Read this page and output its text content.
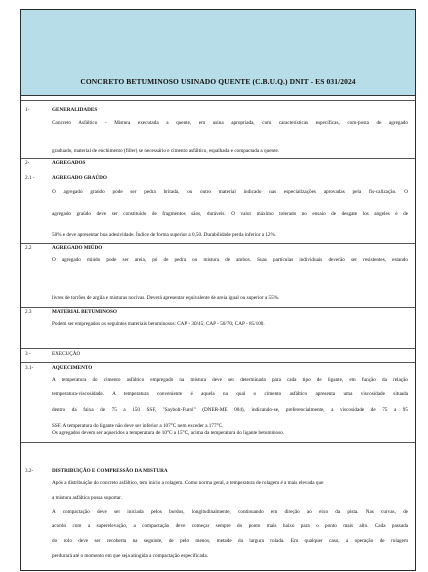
CONCRETO BETUMINOSO USINADO QUENTE (C.B.U.Q.) DNIT - ES 031/2024
1-	GENERALIDADES
Concreto Asfáltico - Mistura executada a quente, em usina apropriada, com características específicas, com-posta de agregado
graduado, material de enchimento (filler) se necessário e cimento asfáltico, espalhada e compactada a quente.
2-	AGREGADOS
2.1 -	AGREGADO GRAÚDO
O agregado graúdo pode ser pedra britada, ou outro material indicado nas especializações aprovadas pela fis-calização. O
agregado graúdo deve ser constituído de fragmentos sãos, duráveis. O valor máximo tolerado no ensaio de desgate los angeles é de
50% e deve apresentar boa adesividade. Índice de forma superior a 0,50. Durabilidade perda inferior a 12%.
2.2	AGREGADO MIÚDO
O agregado miúdo pode ser areia, pó de pedra ou mistura de ambos. Suas partículas individuais deverão ser resistentes, estando
livres de torrões de argila e misturas nocivas. Deverá apresentar equivalente de areia igual ou superior a 55%.
2.3	MATERIAL BETUMINOSO
Podem ser empregados os seguintes materiais betuminosos: CAP - 30/45; CAP - 50/70; CAP - 85/100.
3 -	EXECUÇÃO
3.1-	AQUECIMENTO
A temperatura do cimento asfáltico empregado na mistura deve ser determinada para cada tipo de ligante, em função da relação
temperatura-viscosidade. A temperatura conveniente é aquela na qual o cimento asfáltico apresenta uma viscosidade situada
dentro da faixa de 75 a 150 SSF, "Saybolt-Furol" (DNER-ME 004), indicando-se, preferencialmente, a viscosidade de 75 a 95
SSF. A temperatura do ligante não deve ser inferior a 107°C nem exceder a 177°C.
Os agregados devem ser aquecidos a temperatura de 10°C a 15°C, acima da temperatura do ligante betuminoso.
3.2-	DISTRIBUIÇÃO E COMPRESSÃO DA MISTURA
Após a distribuição do concreto asfáltico, tem início a rolagem. Como norma geral, a temperatura de rolagem é a mais elevada que
a mistura asfáltica possa suportar.
A compactação deve ser iniciada pelos bordos, longitudinalmente, continuando em direção ao eixo da pista. Nas curvas, de
acordo com a superelevação, a compactação deve começar sempre do ponto mais baixo para o ponto mais alto. Cada passada
do rolo deve ser recoberta na seguinte, de pelo menos, metade da largura rolada. Em qualquer caso, a operação de rolagem
perdurará até o momento em que seja atingida a compactação especificada.
